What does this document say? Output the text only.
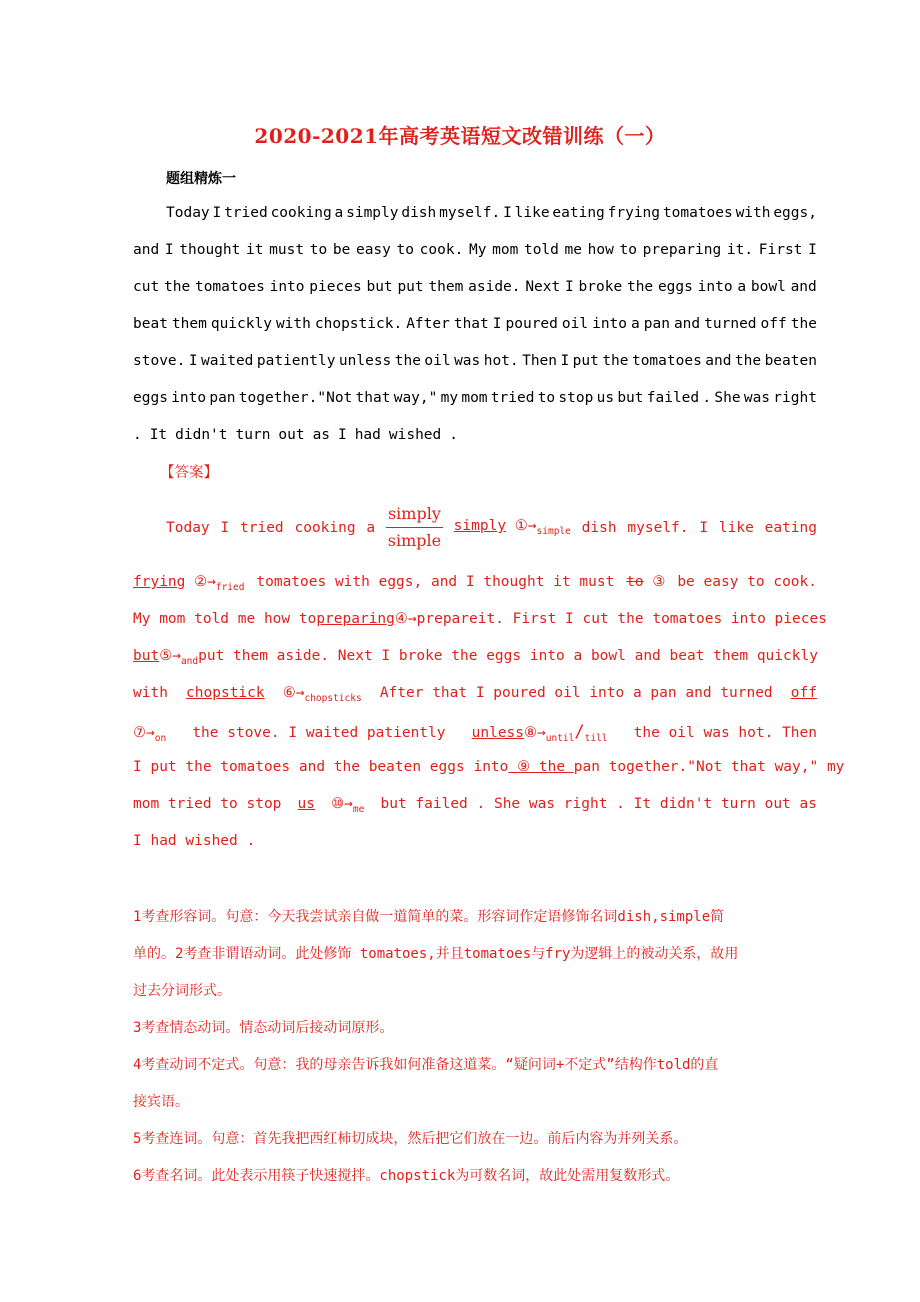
2020-2021年高考英语短文改错训练（一）
题组精炼一
Today I tried cooking a simply dish myself. I like eating frying tomatoes with eggs,
and I thought it must to be easy to cook. My mom told me how to preparing it. First I
cut the tomatoes into pieces but put them aside. Next I broke the eggs into a bowl and
beat them quickly with chopstick. After that I poured oil into a pan and turned off the
stove. I waited patiently unless the oil was hot. Then I put the tomatoes and the beaten
eggs into pan together."Not that way," my mom tried to stop us but failed . She was right
. It didn't turn out as I had wished .
【答案】
Today I tried cooking a $\frac{\text{simply}}{\text{simple}}$ simply $①\to_{simple}$ dish myself. I like eating
frying $②\to_{fried}$ tomatoes with eggs, and I thought it must to ③ be easy to cook.
My mom told me how to preparing ④→prepare it. First I cut the tomatoes into pieces
but $⑤\to_{and}$ put them aside. Next I broke the eggs into a bowl and beat them quickly
with chopstick $⑥\to_{chopsticks}$ After that I poured oil into a pan and turned off
$⑦\to_{on}$ the stove. I waited patiently $unless⑧\to_{until}/_{till}$ the oil was hot. Then
I put the tomatoes and the beaten eggs into ⑨ the pan together."Not that way," my
mom tried to stop us $⑩\to_{me}$ but failed . She was right . It didn't turn out as
I had wished .
1考查形容词。句意：今天我尝试亲自做一道简单的菜。形容词作定语修饰名词dish,simple简
单的。2考查非谓语动词。此处修饰 tomatoes,并且tomatoes与fry为逻辑上的被动关系，故用
过去分词形式。
3考查情态动词。情态动词后接动词原形。
4考查动词不定式。句意：我的母亲告诉我如何准备这道菜。“疑问词+不定式”结构作told的直
接宾语。
5考查连词。句意：首先我把西红柿切成块，然后把它们放在一边。前后内容为并列关系。
6考查名词。此处表示用筷子快速搅拌。chopstick为可数名词，故此处需用复数形式。
